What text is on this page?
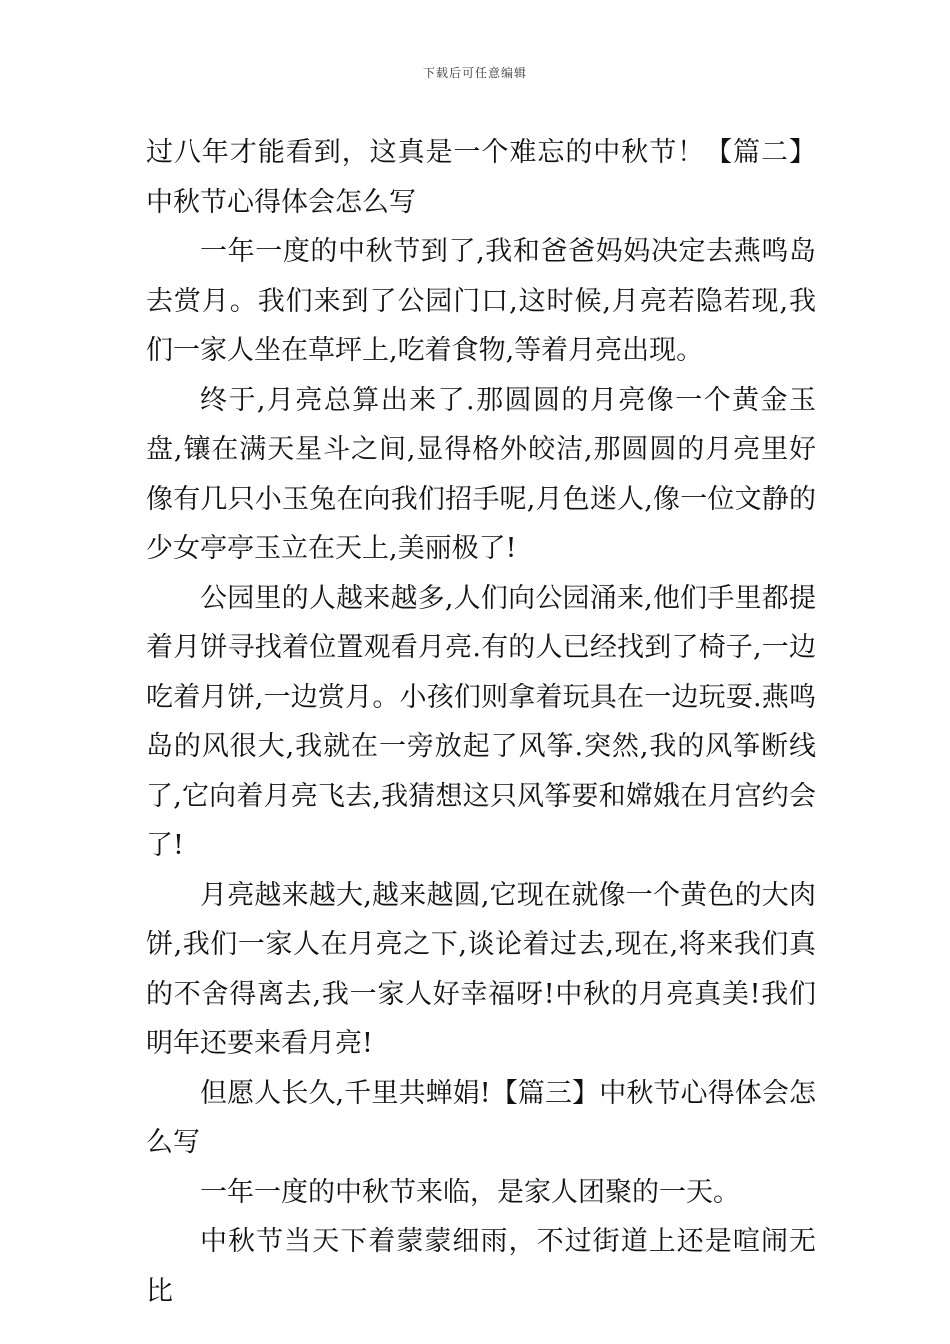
下载后可任意编辑

过八年才能看到，这真是一个难忘的中秋节！【篇二】中秋节心得体会怎么写

一年一度的中秋节到了,我和爸爸妈妈决定去燕鸣岛去赏月。我们来到了公园门口,这时候,月亮若隐若现,我们一家人坐在草坪上,吃着食物,等着月亮出现。

终于,月亮总算出来了.那圆圆的月亮像一个黄金玉盘,镶在满天星斗之间,显得格外皎洁,那圆圆的月亮里好像有几只小玉兔在向我们招手呢,月色迷人,像一位文静的少女亭亭玉立在天上,美丽极了!

公园里的人越来越多,人们向公园涌来,他们手里都提着月饼寻找着位置观看月亮.有的人已经找到了椅子,一边吃着月饼,一边赏月。小孩们则拿着玩具在一边玩耍.燕鸣岛的风很大,我就在一旁放起了风筝.突然,我的风筝断线了,它向着月亮飞去,我猜想这只风筝要和嫦娥在月宫约会了!

月亮越来越大,越来越圆,它现在就像一个黄色的大肉饼,我们一家人在月亮之下,谈论着过去,现在,将来我们真的不舍得离去,我一家人好幸福呀!中秋的月亮真美!我们明年还要来看月亮!

但愿人长久,千里共蝉娟!【篇三】中秋节心得体会怎么写

一年一度的中秋节来临，是家人团聚的一天。

中秋节当天下着蒙蒙细雨，不过街道上还是喧闹无比
